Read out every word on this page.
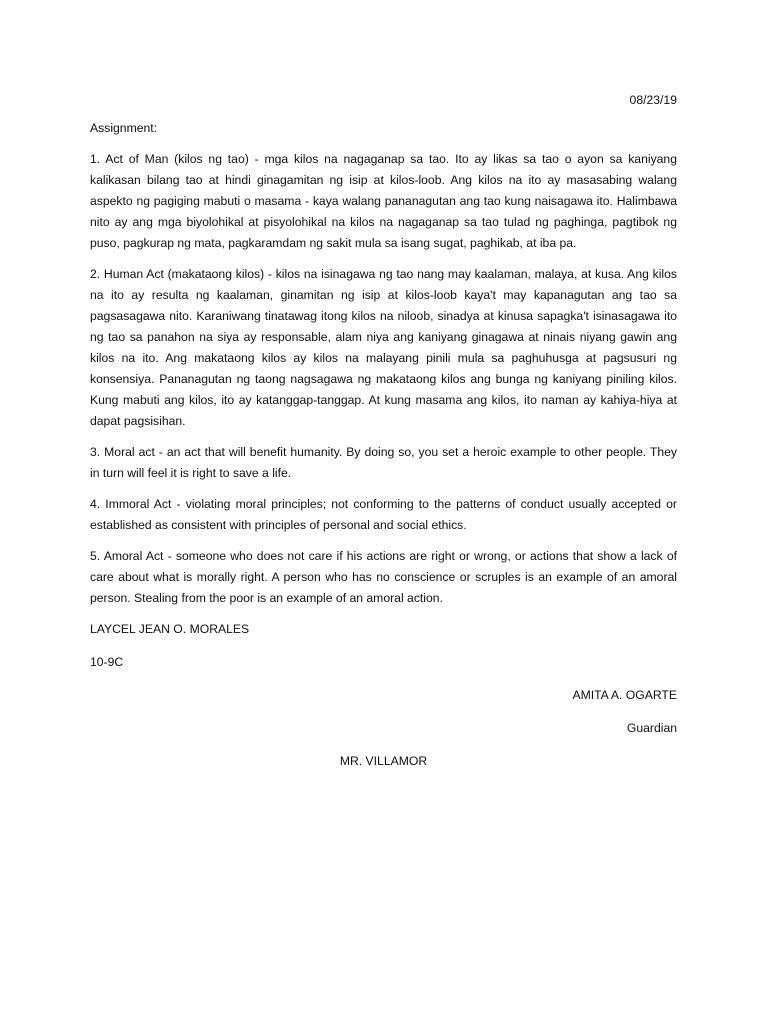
08/23/19

Assignment:

1. Act of Man (kilos ng tao) - mga kilos na nagaganap sa tao. Ito ay likas sa tao o ayon sa kaniyang kalikasan bilang tao at hindi ginagamitan ng isip at kilos-loob. Ang kilos na ito ay masasabing walang aspekto ng pagiging mabuti o masama - kaya walang pananagutan ang tao kung naisagawa ito. Halimbawa nito ay ang mga biyolohikal at pisyolohikal na kilos na nagaganap sa tao tulad ng paghinga, pagtibok ng puso, pagkurap ng mata, pagkaramdam ng sakit mula sa isang sugat, paghikab, at iba pa.

2. Human Act (makataong kilos) - kilos na isinagawa ng tao nang may kaalaman, malaya, at kusa. Ang kilos na ito ay resulta ng kaalaman, ginamitan ng isip at kilos-loob kaya't may kapanagutan ang tao sa pagsasagawa nito. Karaniwang tinatawag itong kilos na niloob, sinadya at kinusa sapagka't isinasagawa ito ng tao sa panahon na siya ay responsable, alam niya ang kaniyang ginagawa at ninais niyang gawin ang kilos na ito. Ang makataong kilos ay kilos na malayang pinili mula sa paghuhusga at pagsusuri ng konsensiya. Pananagutan ng taong nagsagawa ng makataong kilos ang bunga ng kaniyang piniling kilos. Kung mabuti ang kilos, ito ay katanggap-tanggap. At kung masama ang kilos, ito naman ay kahiya-hiya at dapat pagsisihan.

3. Moral act - an act that will benefit humanity. By doing so, you set a heroic example to other people. They in turn will feel it is right to save a life.

4. Immoral Act - violating moral principles; not conforming to the patterns of conduct usually accepted or established as consistent with principles of personal and social ethics.

5. Amoral Act - someone who does not care if his actions are right or wrong, or actions that show a lack of care about what is morally right. A person who has no conscience or scruples is an example of an amoral person. Stealing from the poor is an example of an amoral action.

LAYCEL JEAN O. MORALES

10-9C

AMITA A. OGARTE

Guardian

MR. VILLAMOR
